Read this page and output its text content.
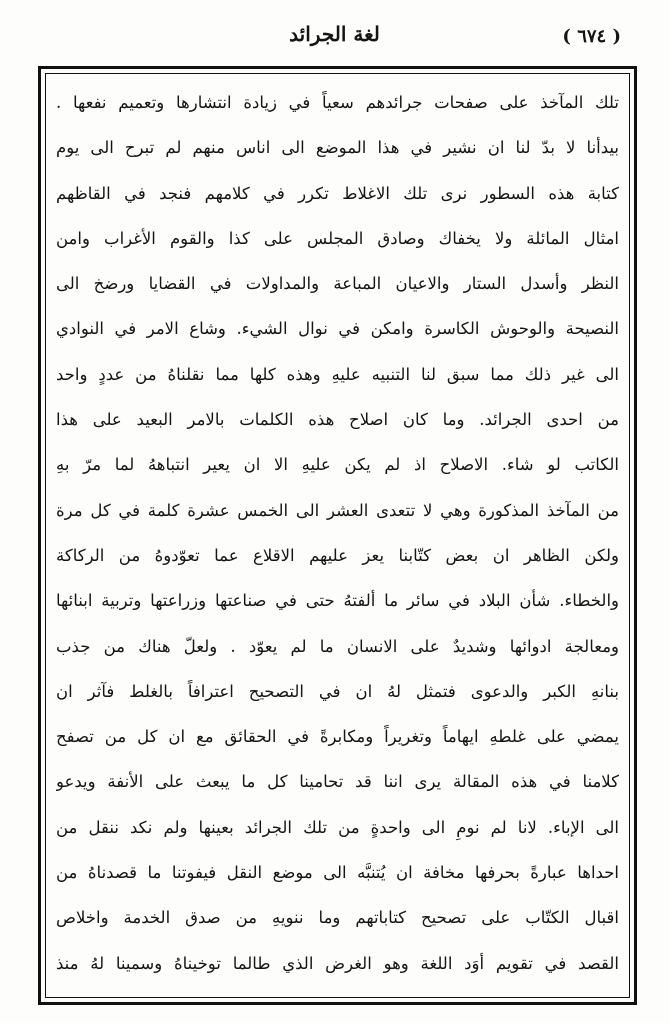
لغة الجرائد	( ٦٧٤ )
تلك المآخذ على صفحات جرائدهم سعياً في زيادة انتشارها وتعميم نفعها .
بيدأنا لا بدّ لنا ان نشير في هذا الموضع الى اناس منهم لم تبرح الى يوم
كتابة هذه السطور نرى تلك الاغلاط تكرر في كلامهم فنجد في القاظهم
امثال المائلة ولا يخفاك وصادق المجلس على كذا والقوم الأغراب وامن
النظر وأسدل الستار والاعيان المباعة والمداولات في القضايا ورضخ الى
النصيحة والوحوش الكاسرة وامكن في نوال الشيء. وشاع الامر في النوادي
الى غير ذلك مما سبق لنا التنبيه عليهِ وهذه كلها مما نقلناهُ من عددٍ واحد
من احدى الجرائد. وما كان اصلاح هذه الكلمات بالامر البعيد على هذا
الكاتب لو شاء. الاصلاح اذ لم يكن عليهِ الا ان يعير انتباههُ لما مرّ بهِ
من المآخذ المذكورة وهي لا تتعدى العشر الى الخمس عشرة كلمة في كل مرة
ولكن الظاهر ان بعض كتّابنا يعز عليهم الاقلاع عما تعوّدوهُ من الركاكة
والخطاء. شأن البلاد في سائر ما ألفتهُ حتى في صناعتها وزراعتها وتربية ابنائها
ومعالجة ادوائها وشديدٌ على الانسان ما لم يعوّد . ولعلّ هناك من جذب
بنانهِ الكبر والدعوى فتمثل لهُ ان في التصحيح اعترافاً بالغلط فآثر ان
يمضي على غلطهِ ايهاماً وتغريراً ومكابرةً في الحقائق مع ان كل من تصفح
كلامنا في هذه المقالة يرى اننا قد تحامينا كل ما يبعث على الأنفة ويدعو
الى الإباء. لانا لم نومِ الى واحدةٍ من تلك الجرائد بعينها ولم نكد ننقل من
احداها عبارةً بحرفها مخافة ان يُتنبَّه الى موضع النقل فيفوتنا ما قصدناهُ من
اقبال الكتّاب على تصحيح كتاباتهم وما ننويهِ من صدق الخدمة واخلاص
القصد في تقويم أوَد اللغة وهو الغرض الذي طالما توخيناهُ وسمينا لهُ منذ
